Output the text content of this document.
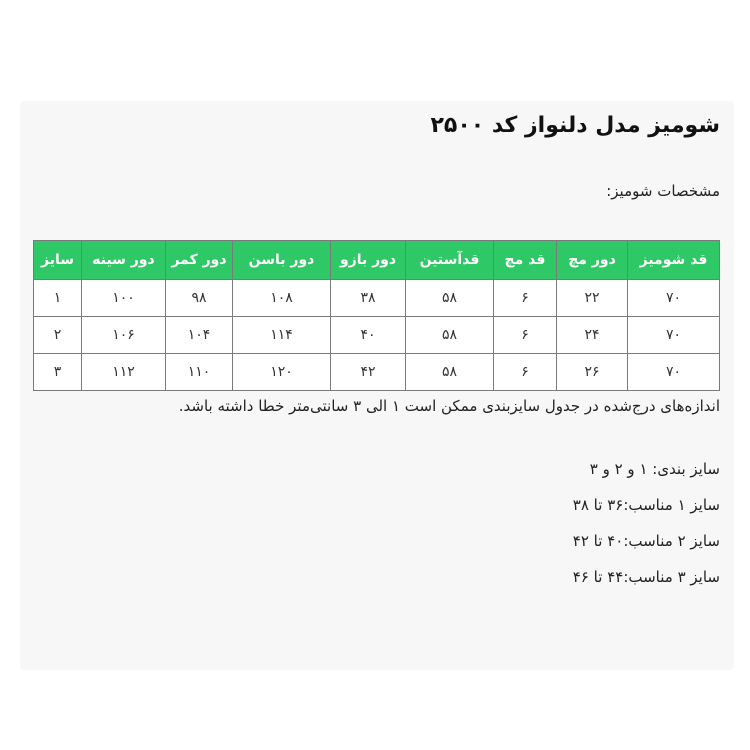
شومیز مدل دلنواز کد ۲۵۰۰
مشخصات شومیز:
قد شومیز	دور مچ	قد مچ	قدآستین	دور بازو	دور باسن	دور کمر	دور سینه	سایز
۷۰	۲۲	۶	۵۸	۳۸	۱۰۸	۹۸	۱۰۰	۱
۷۰	۲۴	۶	۵۸	۴۰	۱۱۴	۱۰۴	۱۰۶	۲
۷۰	۲۶	۶	۵۸	۴۲	۱۲۰	۱۱۰	۱۱۲	۳
اندازه‌های درج‌شده در جدول سایزبندی ممکن است ۱ الی ۳ سانتی‌متر خطا داشته باشد.
سایز بندی: ۱ و ۲ و ۳
سایز ۱ مناسب:۳۶ تا ۳۸
سایز ۲ مناسب:۴۰ تا ۴۲
سایز ۳ مناسب:۴۴ تا ۴۶
